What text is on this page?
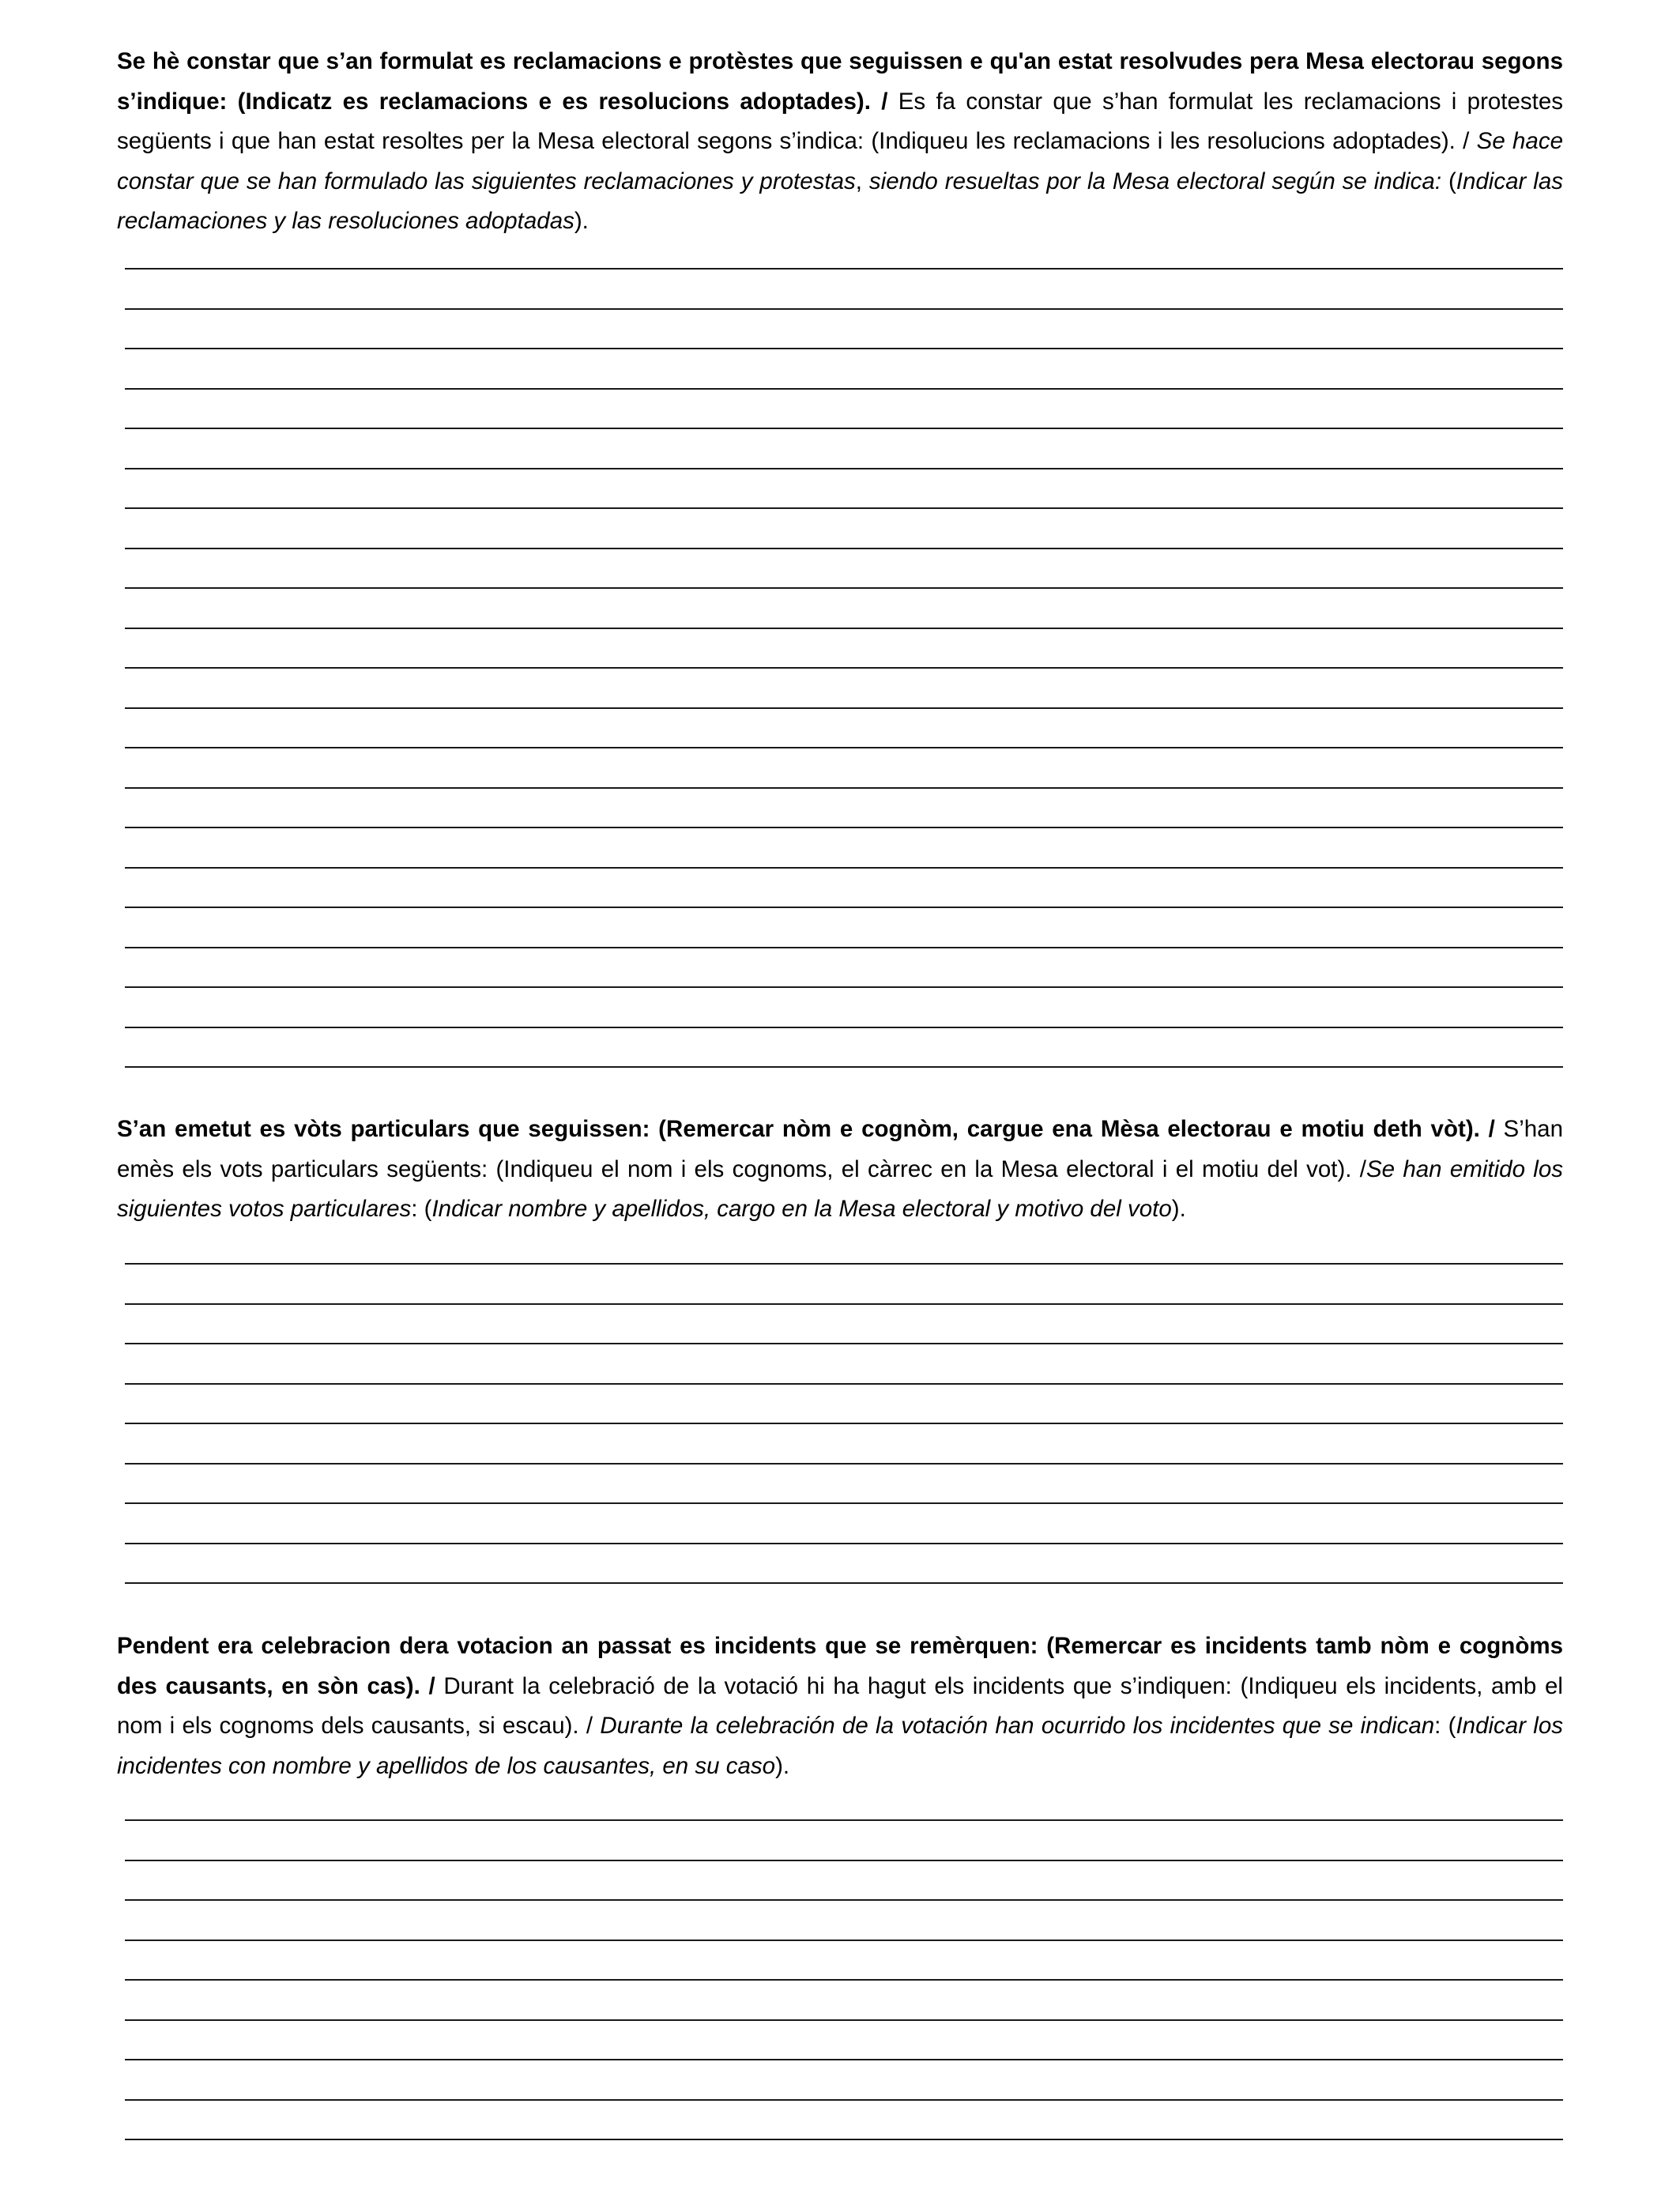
Se hè constar que s’an formulat es reclamacions e protèstes que seguissen e qu'an estat resolvudes pera Mesa electorau segons s’indique: (Indicatz es reclamacions e es resolucions adoptades). / Es fa constar que s’han formulat les reclamacions i protestes següents i que han estat resoltes per la Mesa electoral segons s’indica: (Indiqueu les reclamacions i les resolucions adoptades). / Se hace constar que se han formulado las siguientes reclamaciones y protestas, siendo resueltas por la Mesa electoral según se indica: (Indicar las reclamaciones y las resoluciones adoptadas).

S’an emetut es vòts particulars que seguissen: (Remercar nòm e cognòm, cargue ena Mèsa electorau e motiu deth vòt). / S’han emès els vots particulars següents: (Indiqueu el nom i els cognoms, el càrrec en la Mesa electoral i el motiu del vot). /Se han emitido los siguientes votos particulares: (Indicar nombre y apellidos, cargo en la Mesa electoral y motivo del voto).

Pendent era celebracion dera votacion an passat es incidents que se remèrquen: (Remercar es incidents tamb nòm e cognòms des causants, en sòn cas). / Durant la celebració de la votació hi ha hagut els incidents que s’indiquen: (Indiqueu els incidents, amb el nom i els cognoms dels causants, si escau). / Durante la celebración de la votación han ocurrido los incidentes que se indican: (Indicar los incidentes con nombre y apellidos de los causantes, en su caso).
